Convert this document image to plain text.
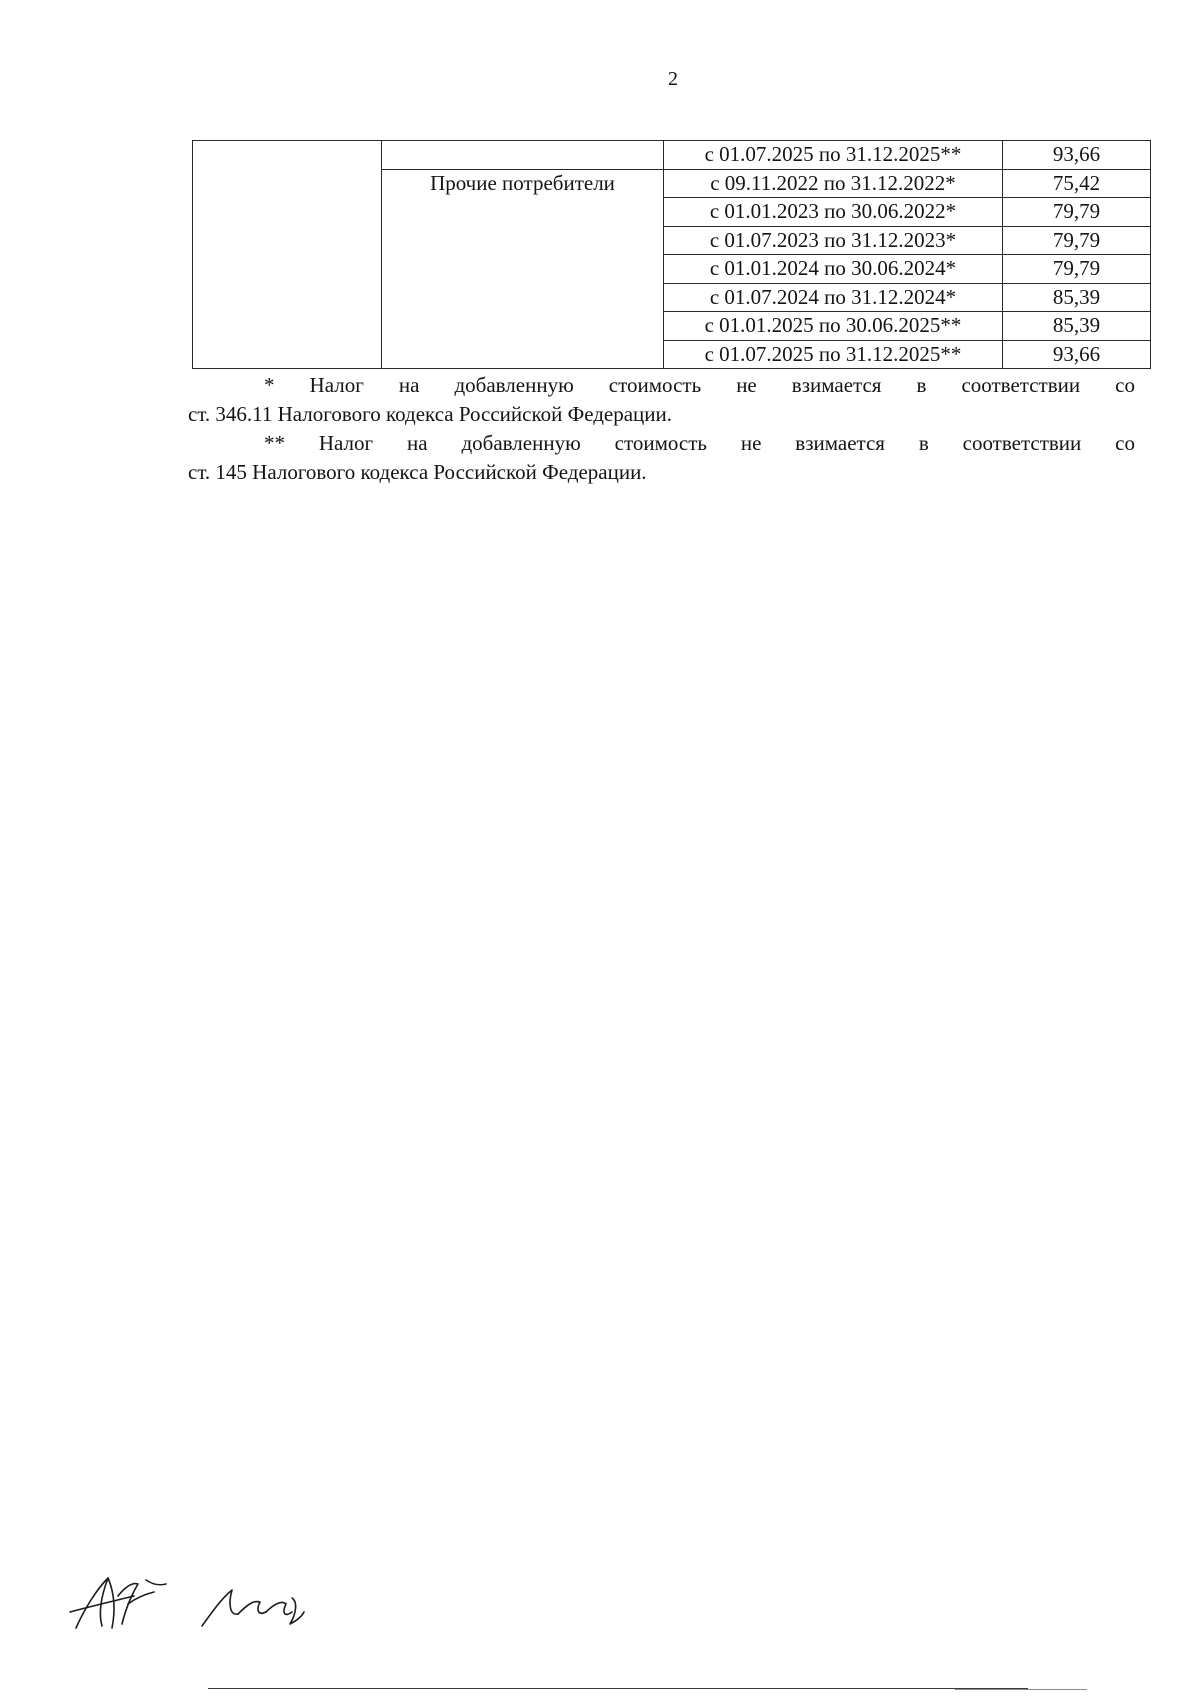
2
		с 01.07.2025 по 31.12.2025**	93,66
	Прочие потребители	с 09.11.2022 по 31.12.2022*	75,42
		с 01.01.2023 по 30.06.2022*	79,79
		с 01.07.2023 по 31.12.2023*	79,79
		с 01.01.2024 по 30.06.2024*	79,79
		с 01.07.2024 по 31.12.2024*	85,39
		с 01.01.2025 по 30.06.2025**	85,39
		с 01.07.2025 по 31.12.2025**	93,66
* Налог на добавленную стоимость не взимается в соответствии со
ст. 346.11 Налогового кодекса Российской Федерации.
** Налог на добавленную стоимость не взимается в соответствии со
ст. 145 Налогового кодекса Российской Федерации.
